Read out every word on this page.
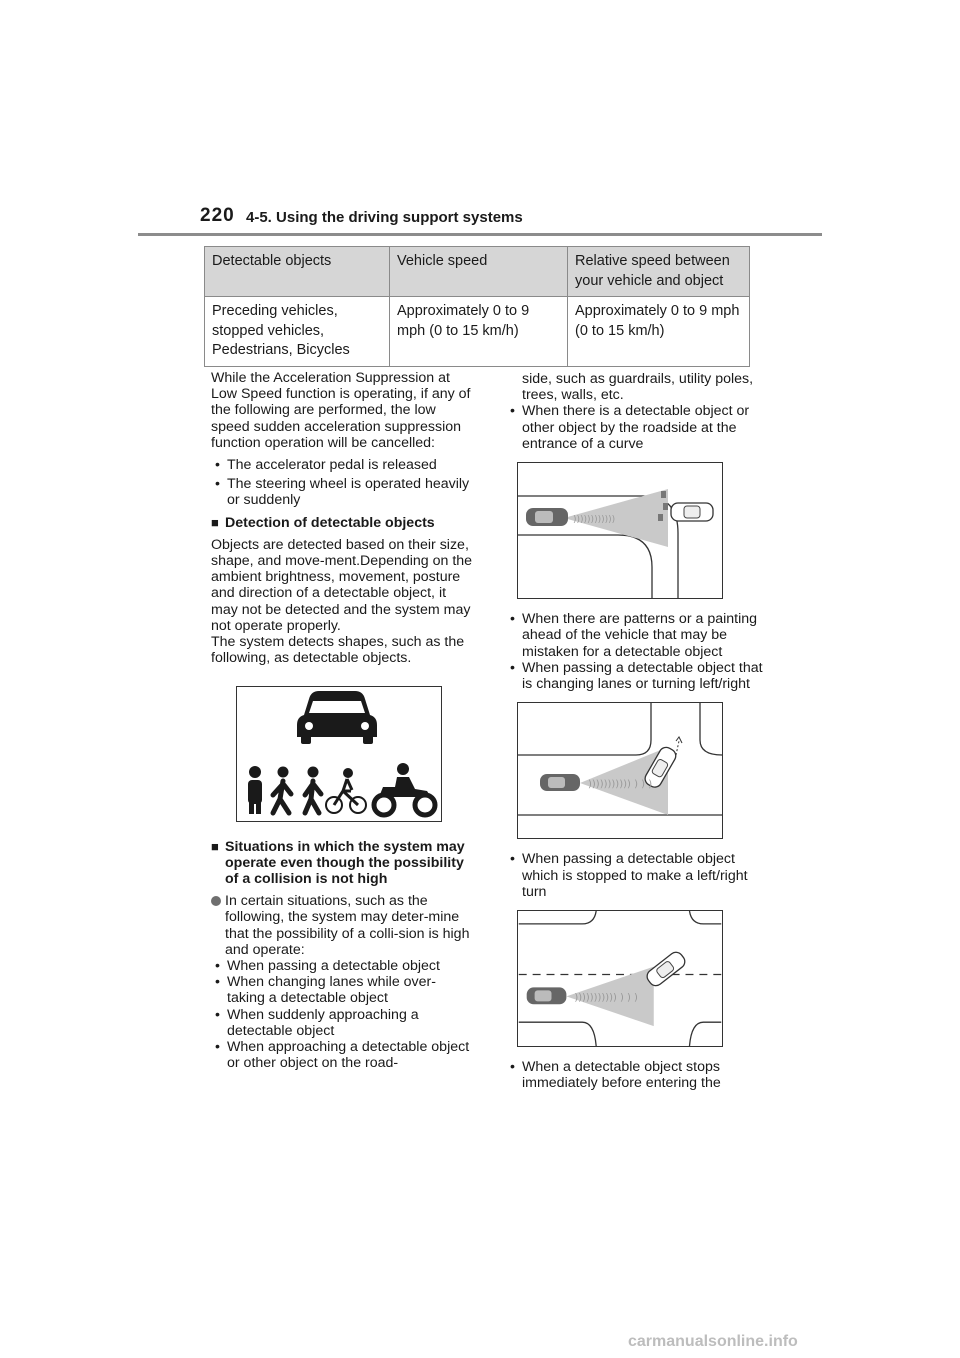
220 4-5. Using the driving support systems
Detectable objects	Vehicle speed	Relative speed between your vehicle and object
Preceding vehicles, stopped vehicles, Pedestrians, Bicycles	Approximately 0 to 9 mph (0 to 15 km/h)	Approximately 0 to 9 mph (0 to 15 km/h)

While the Acceleration Suppression at Low Speed function is operating, if any of the following are performed, the low speed sudden acceleration suppression function operation will be cancelled:

• The accelerator pedal is released
• The steering wheel is operated heavily or suddenly
■ Detection of detectable objects

Objects are detected based on their size, shape, and move-ment.Depending on the ambient brightness, movement, posture and direction of a detectable object, it may not be detected and the system may not operate properly.

The system detects shapes, such as the following, as detectable objects.

■ Situations in which the system may operate even though the possibility of a collision is not high
In certain situations, such as the following, the system may deter-mine that the possibility of a colli-sion is high and operate:
• When passing a detectable object
• When changing lanes while over-taking a detectable object
• When suddenly approaching a detectable object
• When approaching a detectable object or other object on the road-

side, such as guardrails, utility poles, trees, walls, etc.

• When there is a detectable object or other object by the roadside at the entrance of a curve
))))))))))))
• When there are patterns or a painting ahead of the vehicle that may be mistaken for a detectable object
• When passing a detectable object that is changing lanes or turning left/right
))))))))))) ) ) )
• When passing a detectable object which is stopped to make a left/right turn
))))))))))) ) ) )
• When a detectable object stops immediately before entering the
carmanualsonline.info
